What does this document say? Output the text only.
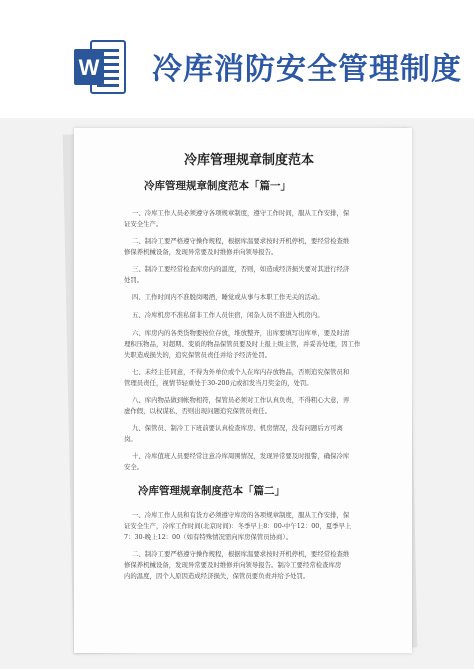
W 冷库消防安全管理制度
冷库管理规章制度范本
冷库管理规章制度范本「篇一」
一、冷库工作人员必须遵守各项规章制度，遵守工作时间，服从工作安排，保
证安全生产。
二、制冷工要严格遵守操作规程，根据库温要求按时开机停机，要经常检查维
修保养机械设备，发现异常要及时维修并向领导报告。
三、制冷工要经常检查库房内的温度，否则，如造成经济损失要对其进行经济
处罚。
四、工作时间内不准脱岗喝酒，睡觉或从事与本职工作无关的活动。
五、冷库机房不准私留非工作人员住宿，闲杂人员不准进入机房内。
六、库房内的各类货物要按位存放，堆放整齐，出库要填写出库单，要及时清
理积压物品，对超期、变质的物品保管员要及时上报上级主管，并妥善处理，因工作
失职造成损失的，追究保管员责任并给予经济处罚。
七、未经主任同意，不得为外单位或个人在库内存放物品，否则追究保管员和
管理员责任，视情节轻重处于30-200元或扣发当月奖金的，处罚。
八、库内物品做到帐物相符，保管员必须对工作认真负责，不得粗心大意，弄
虚作假，以权谋私，否则出现问题追究保管员责任。
九、保管员、制冷工下班前要认真检查库房、机房情况，没有问题后方可离
岗。
十、冷库值班人员要经常注意冷库周围情况，发现异常要及时报警，确保冷库
安全。
冷库管理规章制度范本「篇二」
一、冷库工作人员和有货方必须遵守库房的各项规章制度，服从工作安排，保
证安全生产，冷库工作时间(北京时间)：冬季早上8：00-中午12：00，夏季早上
7：30-晚上12：00（如有特殊情况需向库房保管员协商）。
二、制冷工要严格遵守操作规程，根据库温要求按时开机停机，要经常检查维
修保养机械设备，发现异常要及时维修并向领导报告。制冷工要经常检查库房
内的温度，因个人原因造成经济损失，保管员要负责并给予处罚。
